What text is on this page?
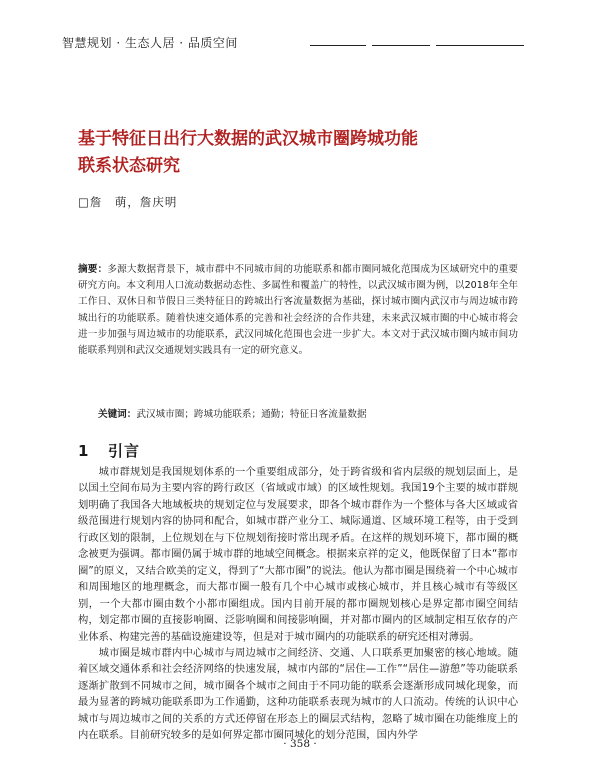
智慧规划 · 生态人居 · 品质空间
基于特征日出行大数据的武汉城市圈跨城功能
联系状态研究
□詹　萌，詹庆明
摘要：多源大数据背景下，城市群中不同城市间的功能联系和都市圈同城化范围成为区域研究中的重要研究方向。本文利用人口流动数据动态性、多属性和覆盖广的特性，以武汉城市圈为例，以2018年全年工作日、双休日和节假日三类特征日的跨城出行客流量数据为基础，探讨城市圈内武汉市与周边城市跨城出行的功能联系。随着快速交通体系的完善和社会经济的合作共建，未来武汉城市圈的中心城市将会进一步加强与周边城市的功能联系，武汉同城化范围也会进一步扩大。本文对于武汉城市圈内城市间功能联系判别和武汉交通规划实践具有一定的研究意义。
关键词：武汉城市圈；跨城功能联系；通勤；特征日客流量数据
1 引言

城市群规划是我国规划体系的一个重要组成部分，处于跨省级和省内层级的规划层面上，是以国土空间布局为主要内容的跨行政区（省域或市域）的区域性规划。我国19个主要的城市群规划明确了我国各大地域板块的规划定位与发展要求，即各个城市群作为一个整体与各大区域或省级范围进行规划内容的协同和配合，如城市群产业分工、城际通道、区域环境工程等，由于受到行政区划的限制，上位规划在与下位规划衔接时常出现矛盾。在这样的规划环境下，都市圈的概念被更为强调。都市圈仍属于城市群的地域空间概念。根据来京祥的定义，他既保留了日本“都市圈”的原义，又结合欧美的定义，得到了“大都市圈”的说法。他认为都市圈是围绕着一个中心城市和周围地区的地理概念，而大都市圈一般有几个中心城市或核心城市，并且核心城市有等级区别，一个大都市圈由数个小都市圈组成。国内目前开展的都市圈规划核心是界定都市圈空间结构，划定都市圈的直接影响圈、泛影响圈和间接影响圈，并对都市圈内的区域制定相互依存的产业体系、构建完善的基础设施建设等，但是对于城市圈内的功能联系的研究还相对薄弱。

城市圈是城市群内中心城市与周边城市之间经济、交通、人口联系更加聚密的核心地域。随着区域交通体系和社会经济网络的快速发展，城市内部的“居住—工作”“居住—游憩”等功能联系逐渐扩散到不同城市之间，城市圈各个城市之间由于不同功能的联系会逐渐形成同城化现象，而最为显著的跨城功能联系即为工作通勤，这种功能联系表现为城市的人口流动。传统的认识中心城市与周边城市之间的关系的方式还停留在形态上的圈层式结构，忽略了城市圈在功能维度上的内在联系。目前研究较多的是如何界定都市圈同城化的划分范围，国内外学

· 358 ·
